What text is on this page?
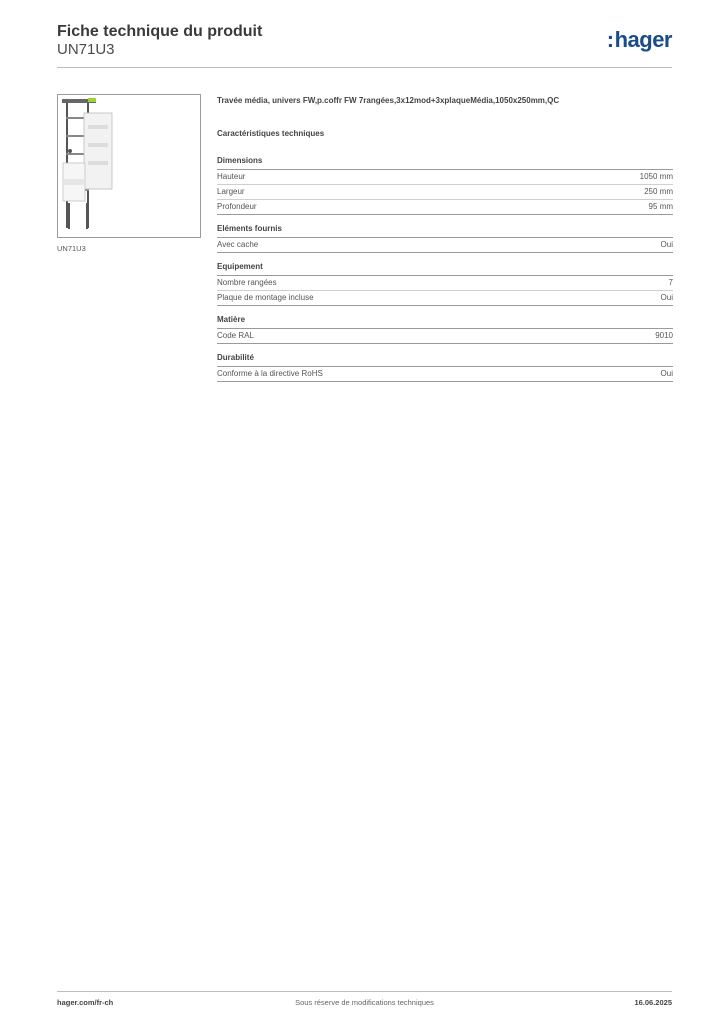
Fiche technique du produit
UN71U3	:hager
UN71U3

Travée média, univers FW,p.coffr FW 7rangées,3x12mod+3xplaqueMédia,1050x250mm,QC

Caractéristiques techniques

Dimensions

Hauteur	1050 mm
Largeur	250 mm
Profondeur	95 mm

Eléments fournis

Avec cache	Oui

Equipement

Nombre rangées	7
Plaque de montage incluse	Oui

Matière

Code RAL	9010

Durabilité

Conforme à la directive RoHS	Oui
Sous réserve de modifications techniques
hager.com/fr-ch	16.06.2025
